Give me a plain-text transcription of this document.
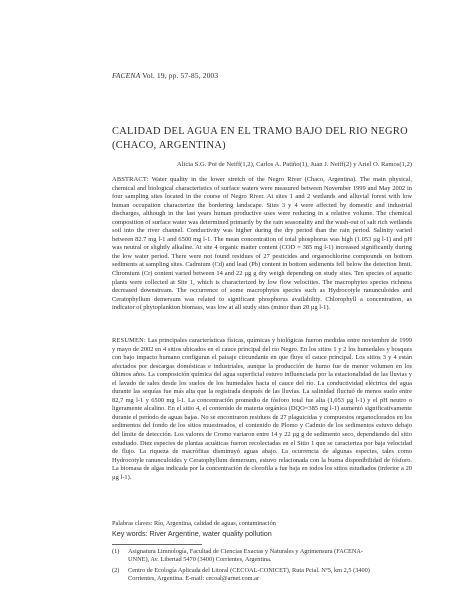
FACENA Vol. 19, pp. 57-85, 2003
CALIDAD DEL AGUA EN EL TRAMO BAJO DEL RIO NEGRO (CHACO, ARGENTINA)
Alicia S.G. Poi de Neiff(1,2), Carlos A. Patiño(1), Juan J. Neiff(2) y Ariel O. Ramos(1,2)

ABSTRACT: Water quality in the lower stretch of the Negro River (Chaco, Argentina). The main physical, chemical and biological characteristics of surface waters were measured between November 1999 and May 2002 in four sampling sites located in the course of Negro River. At sites 1 and 2 wetlands and alluvial forest with low human occupation characterize the bordering landscape. Sites 3 y 4 were affected by domestic and industrial discharges, although in the last years human productive uses were reducing in a relative volume. The chemical composition of surface water was determined primarily by the rain seasonality and the wash-out of salt rich wetlands soil into the river channel. Conductivity was higher during the dry period than the rain period. Salinity varied between 82.7 mg l-1 and 6500 mg l-1. The mean concentration of total phosphorus was high (1.053 µg l-1) and pH was neutral or slightly alkaline. At site 4 organic matter content (COD = 385 mg l-1) increased significantly during the low water period. There were not found residues of 27 pesticides and organochlorine compounds on bottom sediments at sampling sites. Cadmium (Cd) and lead (Pb) content in bottom sediments fell below the detection limit. Chromium (Cr) content varied between 14 and 22 µg g dry weigh depending on study sites. Ten species of aquatic plants were collected at Site 1, which is characterized by low flow velocities. The macrophytes species richness decreased downstream. The occurrence of some macrophytes species such as Hydrocotyle ranunculoides and Ceratophyllum demersum was related to significant phosphorus availability. Chlorophyll a concentration, as indicator of phytoplankton biomass, was low at all study sites (minor than 20 µg l-1).

RESUMEN: Las principales características físicas, químicas y biológicas fueron medidas entre noviembre de 1999 y mayo de 2002 en 4 sitios ubicados en el cauce principal del río Negro. En los sitios 1 y 2 los humedales y bosques con bajo impacto humano configuran el paisaje circundante en que fluye el cauce principal. Los sitios 3 y 4 están afectados por descargas domésticas e industriales, aunque la producción de humo fue de menor volumen en los últimos años. La composición química del agua superficial estuvo influenciada por la estacionalidad de las lluvias y el lavado de sales desde los suelos de los humedales hacia el cauce del río. La conductividad eléctrica del agua durante las sequías fue más alta que la registrada después de las lluvias. La salinidad fluctuó de menos suelo entre 82,7 mg l-1 y 6500 mg l-1. La concentración promedio de fósforo total fue alta (1,053 µg l-1) y el pH neutro o ligeramente alcalino. En el sitio 4, el contenido de materia orgánica (DQO=385 mg l-1) aumentó significativamente durante el período de aguas bajas. No se encontraron residuos de 27 plaguicidas y compuestos organoclorados en los sedimentos del fondo de los sitios muestreados, el contenido de Plomo y Cadmio de los sedimentos estuvo debajo del límite de detección. Los valores de Cromo variaron entre 14 y 22 µg g de sedimento seco, dependiendo del sitio estudiado. Diez especies de plantas acuáticas fueron recolectadas en el Sitio 1 que se caracteriza por baja velocidad de flujo. La riqueza de macrófitas disminuyó aguas abajo. La ocurrencia de algunas especies, tales como Hydrocotyle ranunculoides y Ceratophyllum demersum, estuvo relacionada con la buena disponibilidad de fósforo. La biomasa de algas indicada por la concentración de clorofila a fue baja en todos los sitios estudiados (inferior a 20 µg l-1).

Palabras claves: Río, Argentina, calidad de aguas, contaminación

Key words: River Argentine, water quality pollution

(1) Asignatura Limnología, Facultad de Ciencias Exactas y Naturales y Agrimensura (FACENA-
UNNE), Av. Libertad 5470 (3400) Corrientes, Argentina.

(2) Centro de Ecología Aplicada del Litoral (CECOAL-CONICET), Ruta Pcial. Nº5, km 2,5 (3400)
Corrientes, Argentina. E-mail: cecoal@arnet.com.ar
